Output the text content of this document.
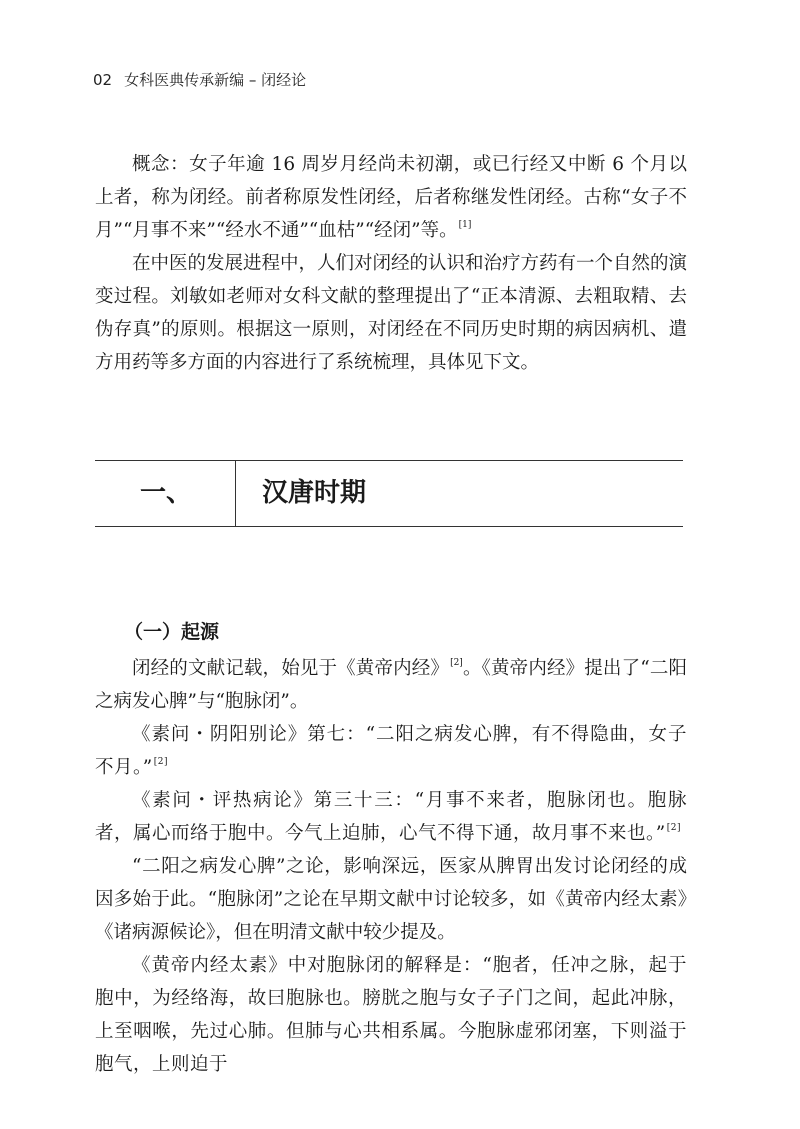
02 女科医典传承新编 – 闭经论

概念：女子年逾 16 周岁月经尚未初潮，或已行经又中断 6 个月以上者，称为闭经。前者称原发性闭经，后者称继发性闭经。古称“女子不月”“月事不来”“经水不通”“血枯”“经闭”等。[1]

在中医的发展进程中，人们对闭经的认识和治疗方药有一个自然的演变过程。刘敏如老师对女科文献的整理提出了“正本清源、去粗取精、去伪存真”的原则。根据这一原则，对闭经在不同历史时期的病因病机、遣方用药等多方面的内容进行了系统梳理，具体见下文。

一、	汉唐时期
（一）起源

闭经的文献记载，始见于《黄帝内经》[2]。《黄帝内经》提出了“二阳之病发心脾”与“胞脉闭”。

《素问・阴阳别论》第七：“二阳之病发心脾，有不得隐曲，女子不月。”[2]

《素问・评热病论》第三十三：“月事不来者，胞脉闭也。胞脉者，属心而络于胞中。今气上迫肺，心气不得下通，故月事不来也。”[2]

“二阳之病发心脾”之论，影响深远，医家从脾胃出发讨论闭经的成因多始于此。“胞脉闭”之论在早期文献中讨论较多，如《黄帝内经太素》《诸病源候论》，但在明清文献中较少提及。

《黄帝内经太素》中对胞脉闭的解释是：“胞者，任冲之脉，起于胞中，为经络海，故曰胞脉也。膀胱之胞与女子子门之间，起此冲脉，上至咽喉，先过心肺。但肺与心共相系属。今胞脉虚邪闭塞，下则溢于胞气，上则迫于
